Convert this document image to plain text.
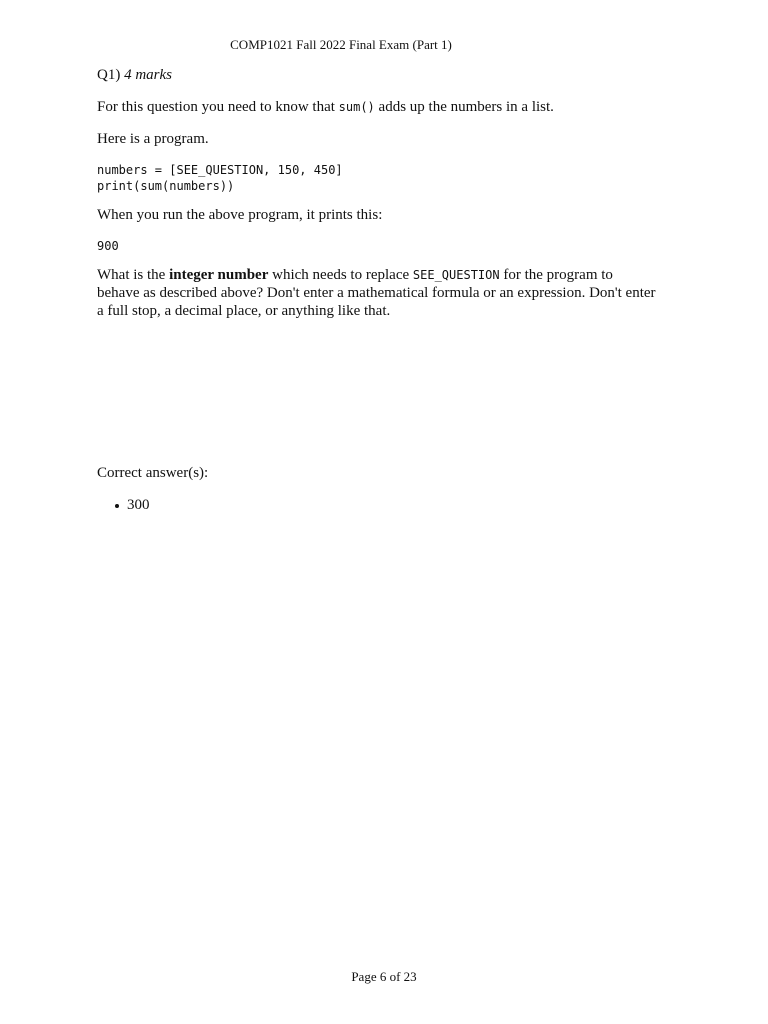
COMP1021 Fall 2022 Final Exam (Part 1)
Q1) 4 marks
For this question you need to know that sum() adds up the numbers in a list.
Here is a program.
numbers = [SEE_QUESTION, 150, 450]
print(sum(numbers))
When you run the above program, it prints this:
900
What is the integer number which needs to replace SEE_QUESTION for the program to behave as described above? Don't enter a mathematical formula or an expression. Don't enter a full stop, a decimal place, or anything like that.
Correct answer(s):
300
Page 6 of 23
